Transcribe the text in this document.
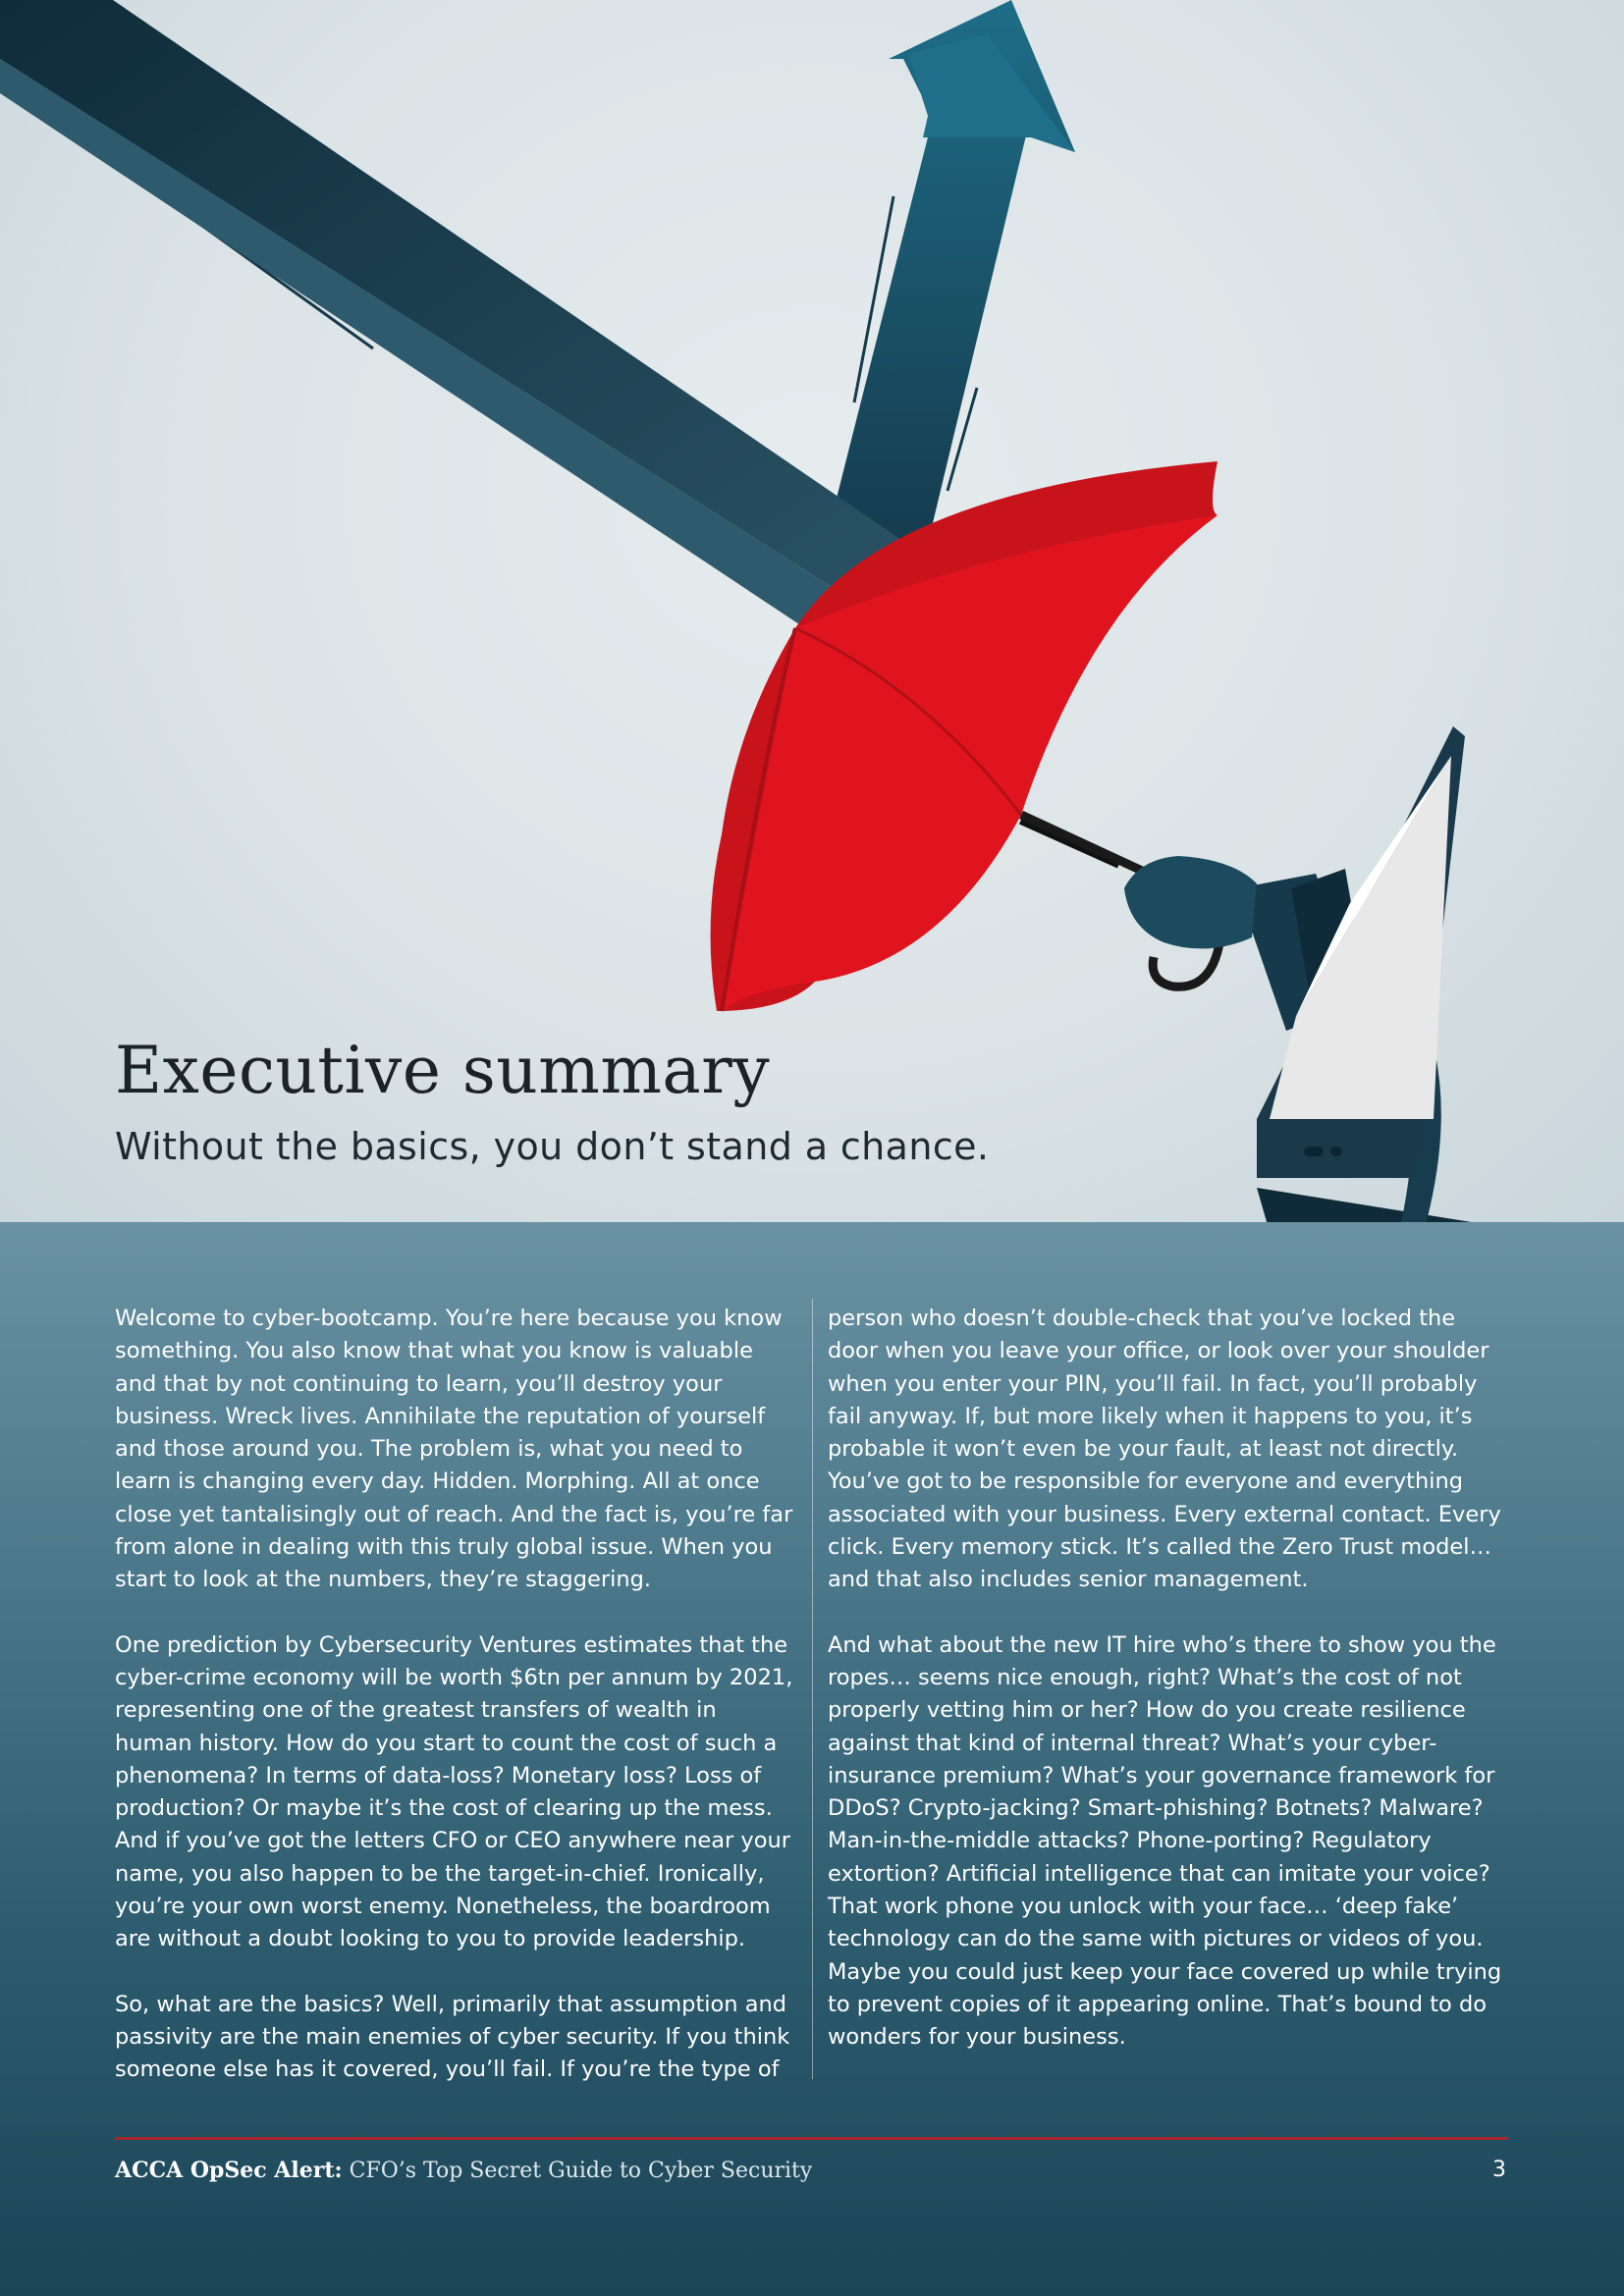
Executive summary
Without the basics, you don’t stand a chance.

Welcome to cyber-bootcamp. You’re here because you know something. You also know that what you know is valuable and that by not continuing to learn, you’ll destroy your business. Wreck lives. Annihilate the reputation of yourself and those around you. The problem is, what you need to learn is changing every day. Hidden. Morphing. All at once close yet tantalisingly out of reach. And the fact is, you’re far from alone in dealing with this truly global issue. When you start to look at the numbers, they’re staggering.

One prediction by Cybersecurity Ventures estimates that the cyber-crime economy will be worth $6tn per annum by 2021, representing one of the greatest transfers of wealth in human history. How do you start to count the cost of such a phenomena? In terms of data-loss? Monetary loss? Loss of production? Or maybe it’s the cost of clearing up the mess. And if you’ve got the letters CFO or CEO anywhere near your name, you also happen to be the target-in-chief. Ironically, you’re your own worst enemy. Nonetheless, the boardroom are without a doubt looking to you to provide leadership.

So, what are the basics? Well, primarily that assumption and passivity are the main enemies of cyber security. If you think someone else has it covered, you’ll fail. If you’re the type of

person who doesn’t double-check that you’ve locked the door when you leave your office, or look over your shoulder when you enter your PIN, you’ll fail. In fact, you’ll probably fail anyway. If, but more likely when it happens to you, it’s probable it won’t even be your fault, at least not directly. You’ve got to be responsible for everyone and everything associated with your business. Every external contact. Every click. Every memory stick. It’s called the Zero Trust model… and that also includes senior management.

And what about the new IT hire who’s there to show you the ropes… seems nice enough, right? What’s the cost of not properly vetting him or her? How do you create resilience against that kind of internal threat? What’s your cyber-insurance premium? What’s your governance framework for DDoS? Crypto-jacking? Smart-phishing? Botnets? Malware? Man-in-the-middle attacks? Phone-porting? Regulatory extortion? Artificial intelligence that can imitate your voice? That work phone you unlock with your face… ‘deep fake’ technology can do the same with pictures or videos of you. Maybe you could just keep your face covered up while trying to prevent copies of it appearing online. That’s bound to do wonders for your business.

ACCA OpSec Alert: CFO’s Top Secret Guide to Cyber Security	3
